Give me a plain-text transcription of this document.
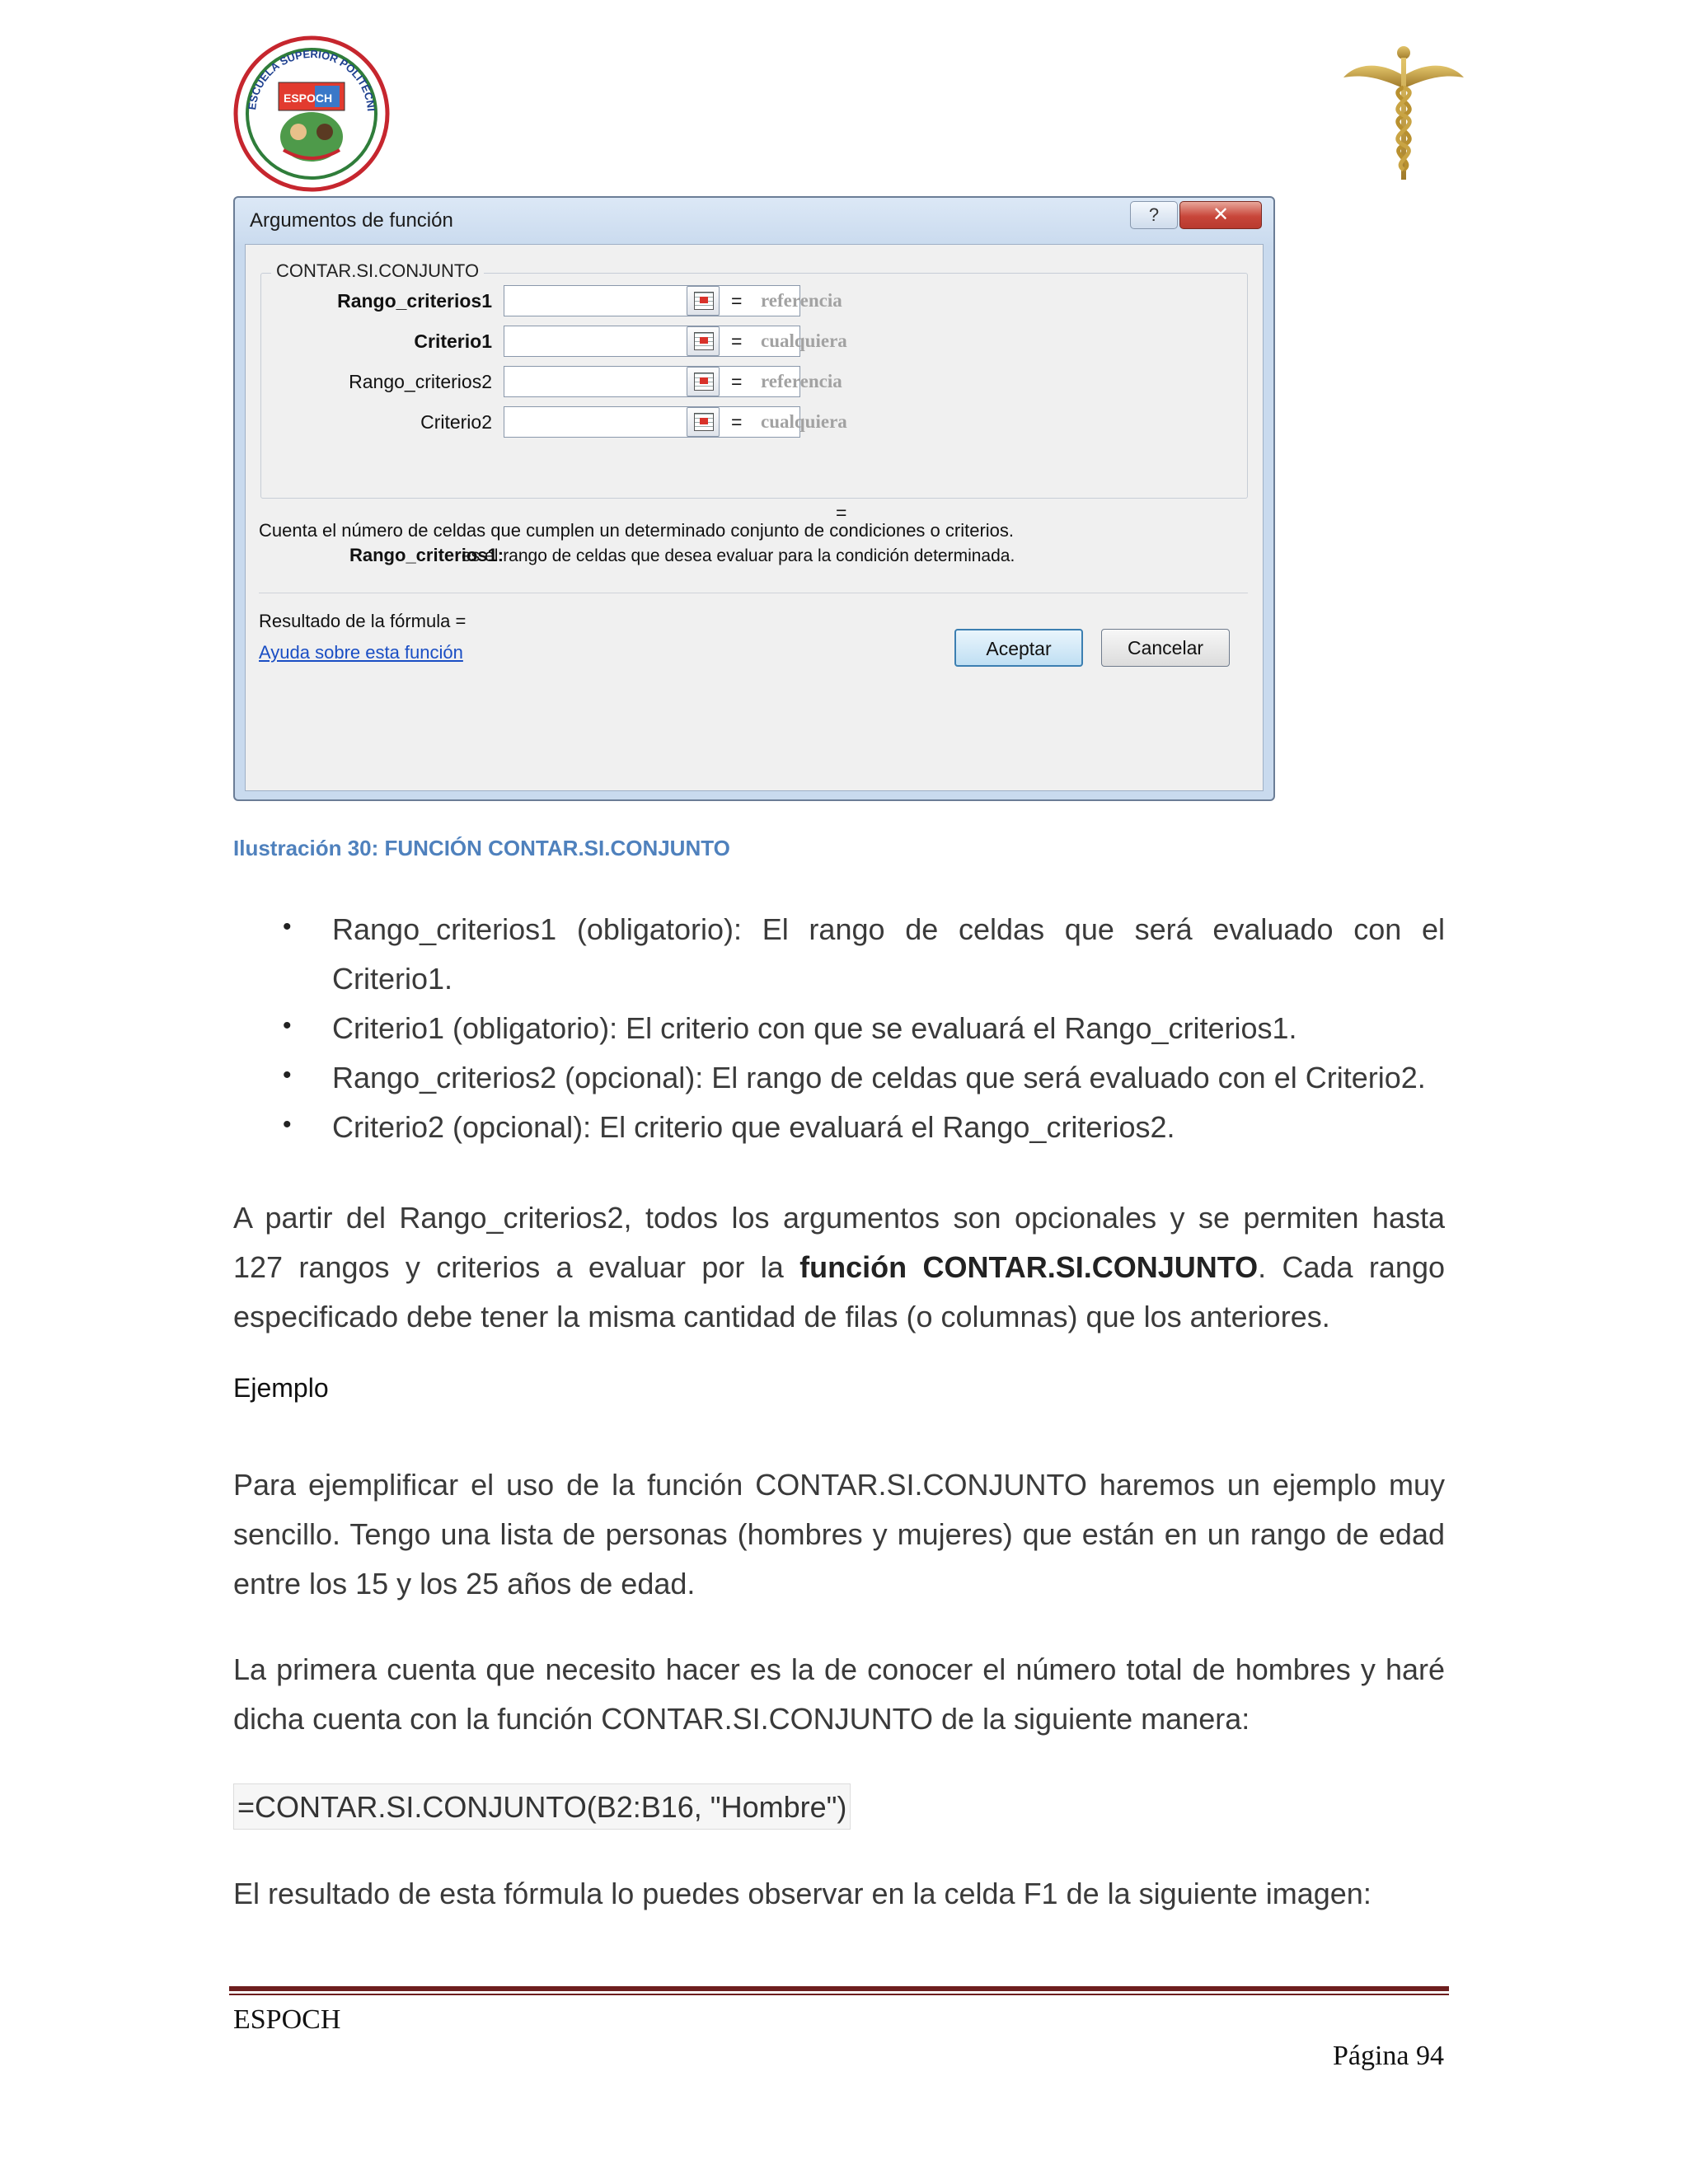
ESCUELA SUPERIOR POLITÉCNI
ESPOCH
Argumentos de función	?	✕
CONTAR.SI.CONJUNTO
Rango_criterios1	= referencia
Criterio1	= cualquiera
Rango_criterios2	= referencia
Criterio2	= cualquiera
=
Cuenta el número de celdas que cumplen un determinado conjunto de condiciones o criterios.
Rango_criterios1:
es el rango de celdas que desea evaluar para la condición determinada.
Resultado de la fórmula =
Ayuda sobre esta función	Aceptar	Cancelar
Ilustración 30: FUNCIÓN CONTAR.SI.CONJUNTO
• Rango_criterios1 (obligatorio): El rango de celdas que será evaluado con el
Criterio1.
• Criterio1 (obligatorio): El criterio con que se evaluará el Rango_criterios1.
• Rango_criterios2 (opcional): El rango de celdas que será evaluado con el Criterio2.
• Criterio2 (opcional): El criterio que evaluará el Rango_criterios2.
A partir del Rango_criterios2, todos los argumentos son opcionales y se permiten hasta
127 rangos y criterios a evaluar por la función CONTAR.SI.CONJUNTO. Cada rango
especificado debe tener la misma cantidad de filas (o columnas) que los anteriores.
Ejemplo
Para ejemplificar el uso de la función CONTAR.SI.CONJUNTO haremos un ejemplo muy
sencillo. Tengo una lista de personas (hombres y mujeres) que están en un rango de edad
entre los 15 y los 25 años de edad.
La primera cuenta que necesito hacer es la de conocer el número total de hombres y haré
dicha cuenta con la función CONTAR.SI.CONJUNTO de la siguiente manera:
=CONTAR.SI.CONJUNTO(B2:B16, "Hombre")
El resultado de esta fórmula lo puedes observar en la celda F1 de la siguiente imagen:
ESPOCH
Página 94
